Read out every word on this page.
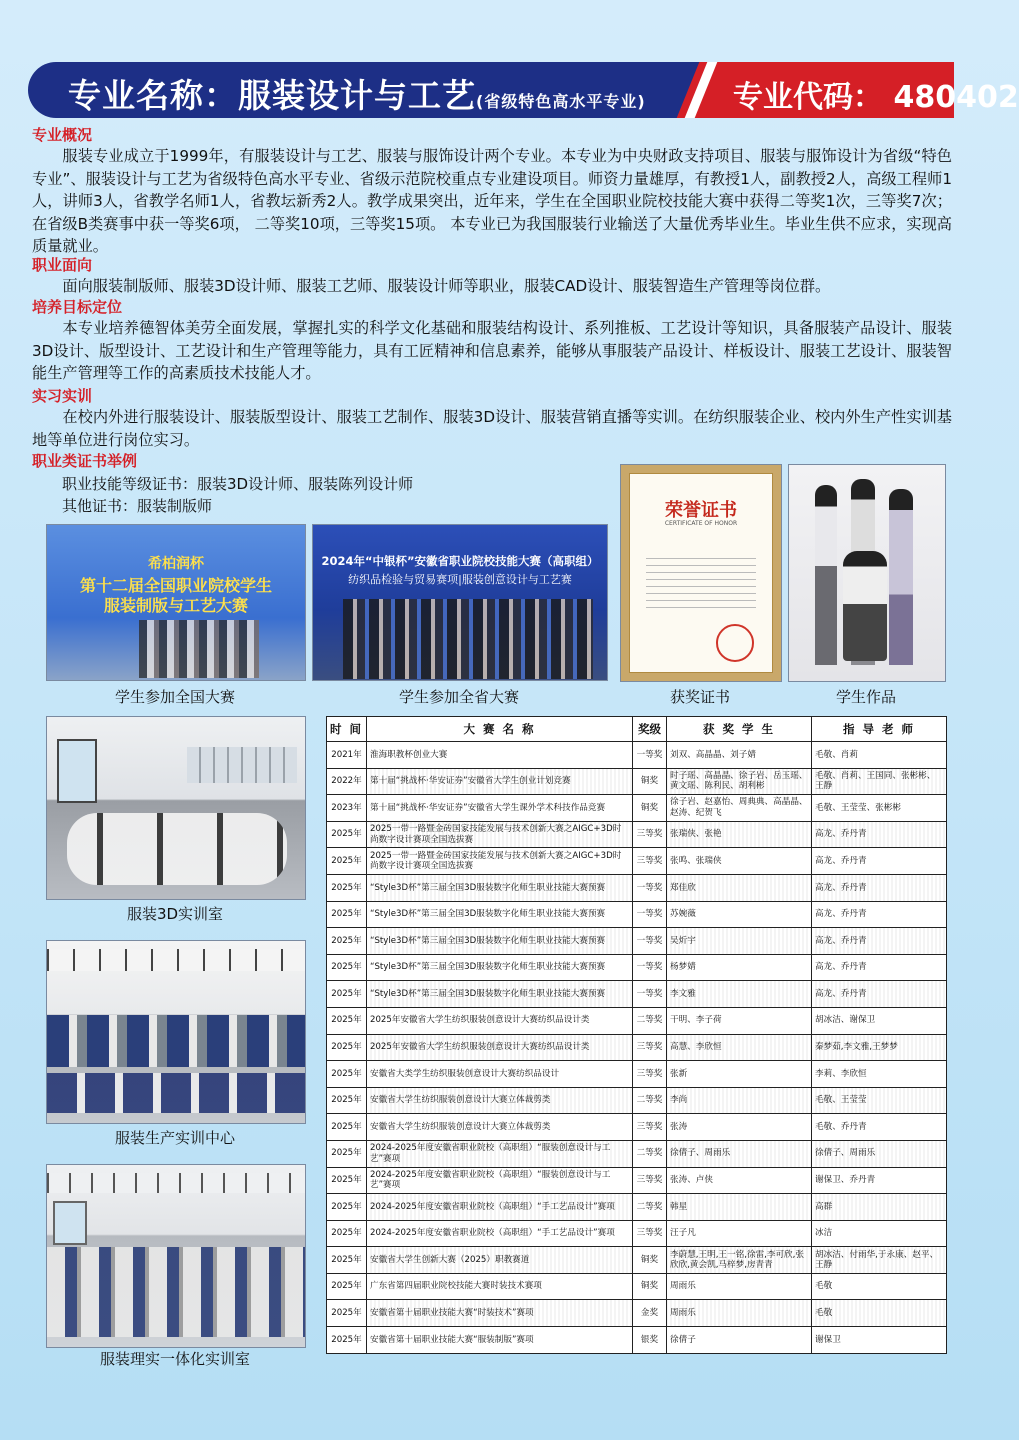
专业名称：服装设计与工艺(省级特色高水平专业)	专业代码： 480402
专业概况

服装专业成立于1999年，有服装设计与工艺、服装与服饰设计两个专业。本专业为中央财政支持项目、服装与服饰设计为省级“特色专业”、服装设计与工艺为省级特色高水平专业、省级示范院校重点专业建设项目。师资力量雄厚，有教授1人，副教授2人，高级工程师1人，讲师3人，省教学名师1人，省教坛新秀2人。教学成果突出，近年来，学生在全国职业院校技能大赛中获得二等奖1次，三等奖7次；在省级B类赛事中获一等奖6项， 二等奖10项，三等奖15项。 本专业已为我国服装行业输送了大量优秀毕业生。毕业生供不应求，实现高质量就业。

职业面向

面向服装制版师、服装3D设计师、服装工艺师、服装设计师等职业，服装CAD设计、服装智造生产管理等岗位群。

培养目标定位

本专业培养德智体美劳全面发展，掌握扎实的科学文化基础和服装结构设计、系列推板、工艺设计等知识，具备服装产品设计、服装3D设计、版型设计、工艺设计和生产管理等能力，具有工匠精神和信息素养，能够从事服装产品设计、样板设计、服装工艺设计、服装智能生产管理等工作的高素质技术技能人才。

实习实训

在校内外进行服装设计、服装版型设计、服装工艺制作、服装3D设计、服装营销直播等实训。在纺织服装企业、校内外生产性实训基地等单位进行岗位实习。

职业类证书举例
职业技能等级证书：服装3D设计师、服装陈列设计师
其他证书：服装制版师
希柏润杯
第十二届全国职业院校学生
服装制版与工艺大赛
学生参加全国大赛
2024年“中银杯”安徽省职业院校技能大赛（高职组）
纺织品检验与贸易赛项|服装创意设计与工艺赛
学生参加全省大赛
荣誉证书
CERTIFICATE OF HONOR
获奖证书	学生作品
服装3D实训室
服装生产实训中心
服装理实一体化实训室
时 间	大 赛 名 称	奖级	获 奖 学 生	指 导 老 师
2021年	淮海职教杯创业大赛	一等奖	刘双、高晶晶、刘子婧	毛敬、肖莉
2022年	第十届“挑战杯·华安证券”安徽省大学生创业计划竞赛	铜奖	时子瑶、高晶晶、徐子岩、岳玉瑶、黄文瑶、陈利民、胡利彬	毛敬、肖莉、王国同、张彬彬、王静
2023年	第十届“挑战杯·华安证券”安徽省大学生课外学术科技作品竞赛	铜奖	徐子岩、赵嘉怡、周典典、高晶晶、赵涛、纪贺飞	毛敬、王莹莹、张彬彬
2025年	2025一带一路暨金砖国家技能发展与技术创新大赛之AIGC+3D时尚数字设计赛项全国选拔赛	三等奖	张瑞侠、张艳	高龙、乔丹青
2025年	2025一带一路暨金砖国家技能发展与技术创新大赛之AIGC+3D时尚数字设计赛项全国选拔赛	三等奖	张鸣、张瑞侠	高龙、乔丹青
2025年	“Style3D杯”第三届全国3D服装数字化师生职业技能大赛预赛	一等奖	郑佳欣	高龙、乔丹青
2025年	“Style3D杯”第三届全国3D服装数字化师生职业技能大赛预赛	一等奖	苏婉薇	高龙、乔丹青
2025年	“Style3D杯”第三届全国3D服装数字化师生职业技能大赛预赛	一等奖	吴炘宇	高龙、乔丹青
2025年	“Style3D杯”第三届全国3D服装数字化师生职业技能大赛预赛	一等奖	杨梦婧	高龙、乔丹青
2025年	“Style3D杯”第三届全国3D服装数字化师生职业技能大赛预赛	一等奖	李文雅	高龙、乔丹青
2025年	2025年安徽省大学生纺织服装创意设计大赛纺织品设计类	二等奖	干明、李子荷	胡冰洁、谢保卫
2025年	2025年安徽省大学生纺织服装创意设计大赛纺织品设计类	三等奖	高慧、李欣恒	秦梦茹,李文雅,王梦梦
2025年	安徽省大类学生纺织服装创意设计大赛纺织品设计	三等奖	张新	李莉、李欣恒
2025年	安徽省大学生纺织服装创意设计大赛立体裁剪类	二等奖	李尚	毛敬、王莹莹
2025年	安徽省大学生纺织服装创意设计大赛立体裁剪类	三等奖	张涛	毛敬、乔丹青
2025年	2024-2025年度安徽省职业院校（高职组）“服装创意设计与工艺”赛项	二等奖	徐倩子、周雨乐	徐倩子、周雨乐
2025年	2024-2025年度安徽省职业院校（高职组）“服装创意设计与工艺”赛项	三等奖	张涛、卢侠	谢保卫、乔丹青
2025年	2024-2025年度安徽省职业院校（高职组）“手工艺品设计”赛项	二等奖	韩星	高群
2025年	2024-2025年度安徽省职业院校（高职组）“手工艺品设计”赛项	三等奖	汪子凡	冰洁
2025年	安徽省大学生创新大赛（2025）职教赛道	铜奖	李蔚慧,王明,王一铭,徐雷,李可欣,张欣欣,黄会凯,马梓梦,房青青	胡冰洁、付雨华,于永康、赵平、王静
2025年	广东省第四届职业院校技能大赛时装技术赛项	铜奖	周雨乐	毛敬
2025年	安徽省第十届职业技能大赛“时装技术”赛项	金奖	周雨乐	毛敬
2025年	安徽省第十届职业技能大赛“服装制版”赛项	银奖	徐倩子	谢保卫
